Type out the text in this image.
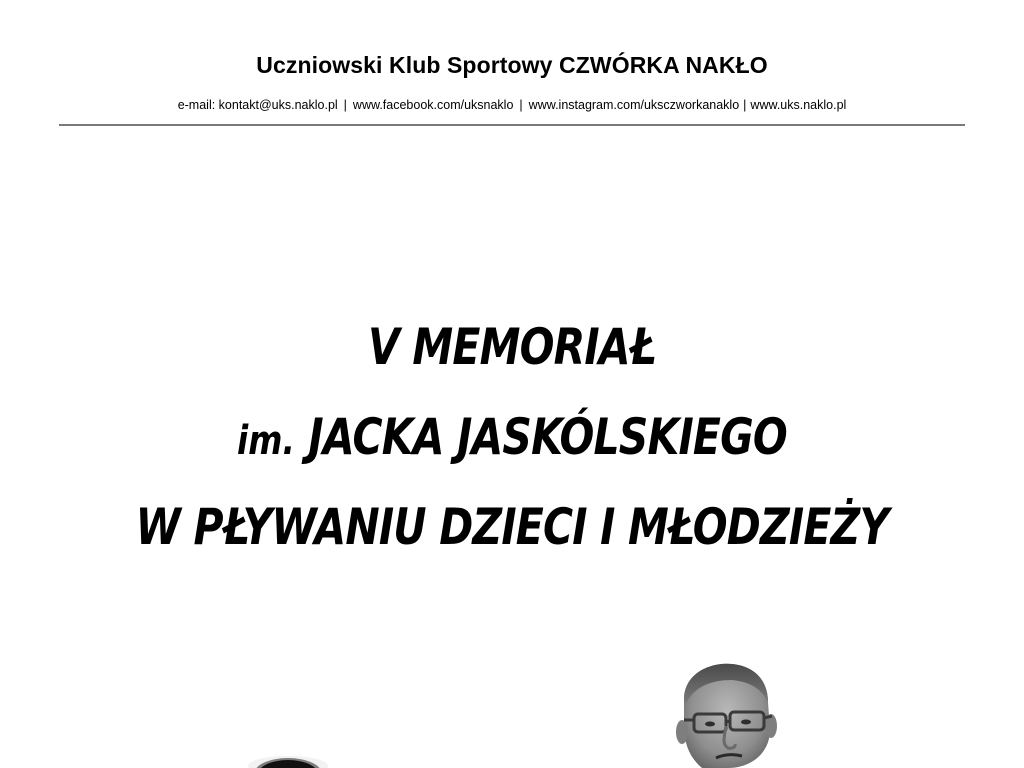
Uczniowski Klub Sportowy CZWÓRKA NAKŁO
e-mail: kontakt@uks.naklo.pl | www.facebook.com/uksnaklo | www.instagram.com/uksczworkanaklo | www.uks.naklo.pl
V MEMORIAŁ
im. JACKA JASKÓLSKIEGO
W PŁYWANIU DZIECI I MŁODZIEŻY
